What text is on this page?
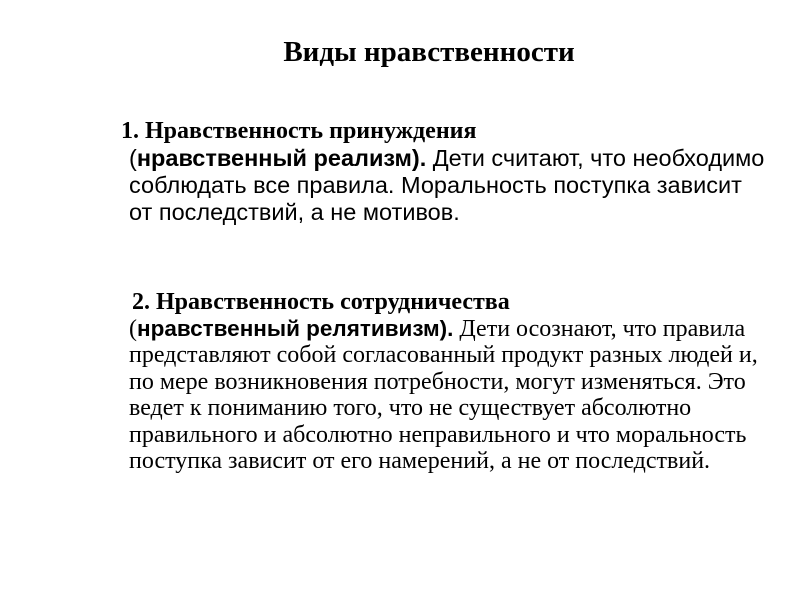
Виды нравственности

1. Нравственность принуждения
(нравственный реализм). Дети считают, что необходимо соблюдать все правила. Моральность поступка зависит от последствий, а не мотивов.

2. Нравственность сотрудничества
(нравственный релятивизм). Дети осознают, что правила представляют собой согласованный продукт разных людей и, по мере возникновения потребности, могут изменяться. Это ведет к пониманию того, что не существует абсолютно правильного и абсолютно неправильного и что моральность поступка зависит от его намерений, а не от последствий.
